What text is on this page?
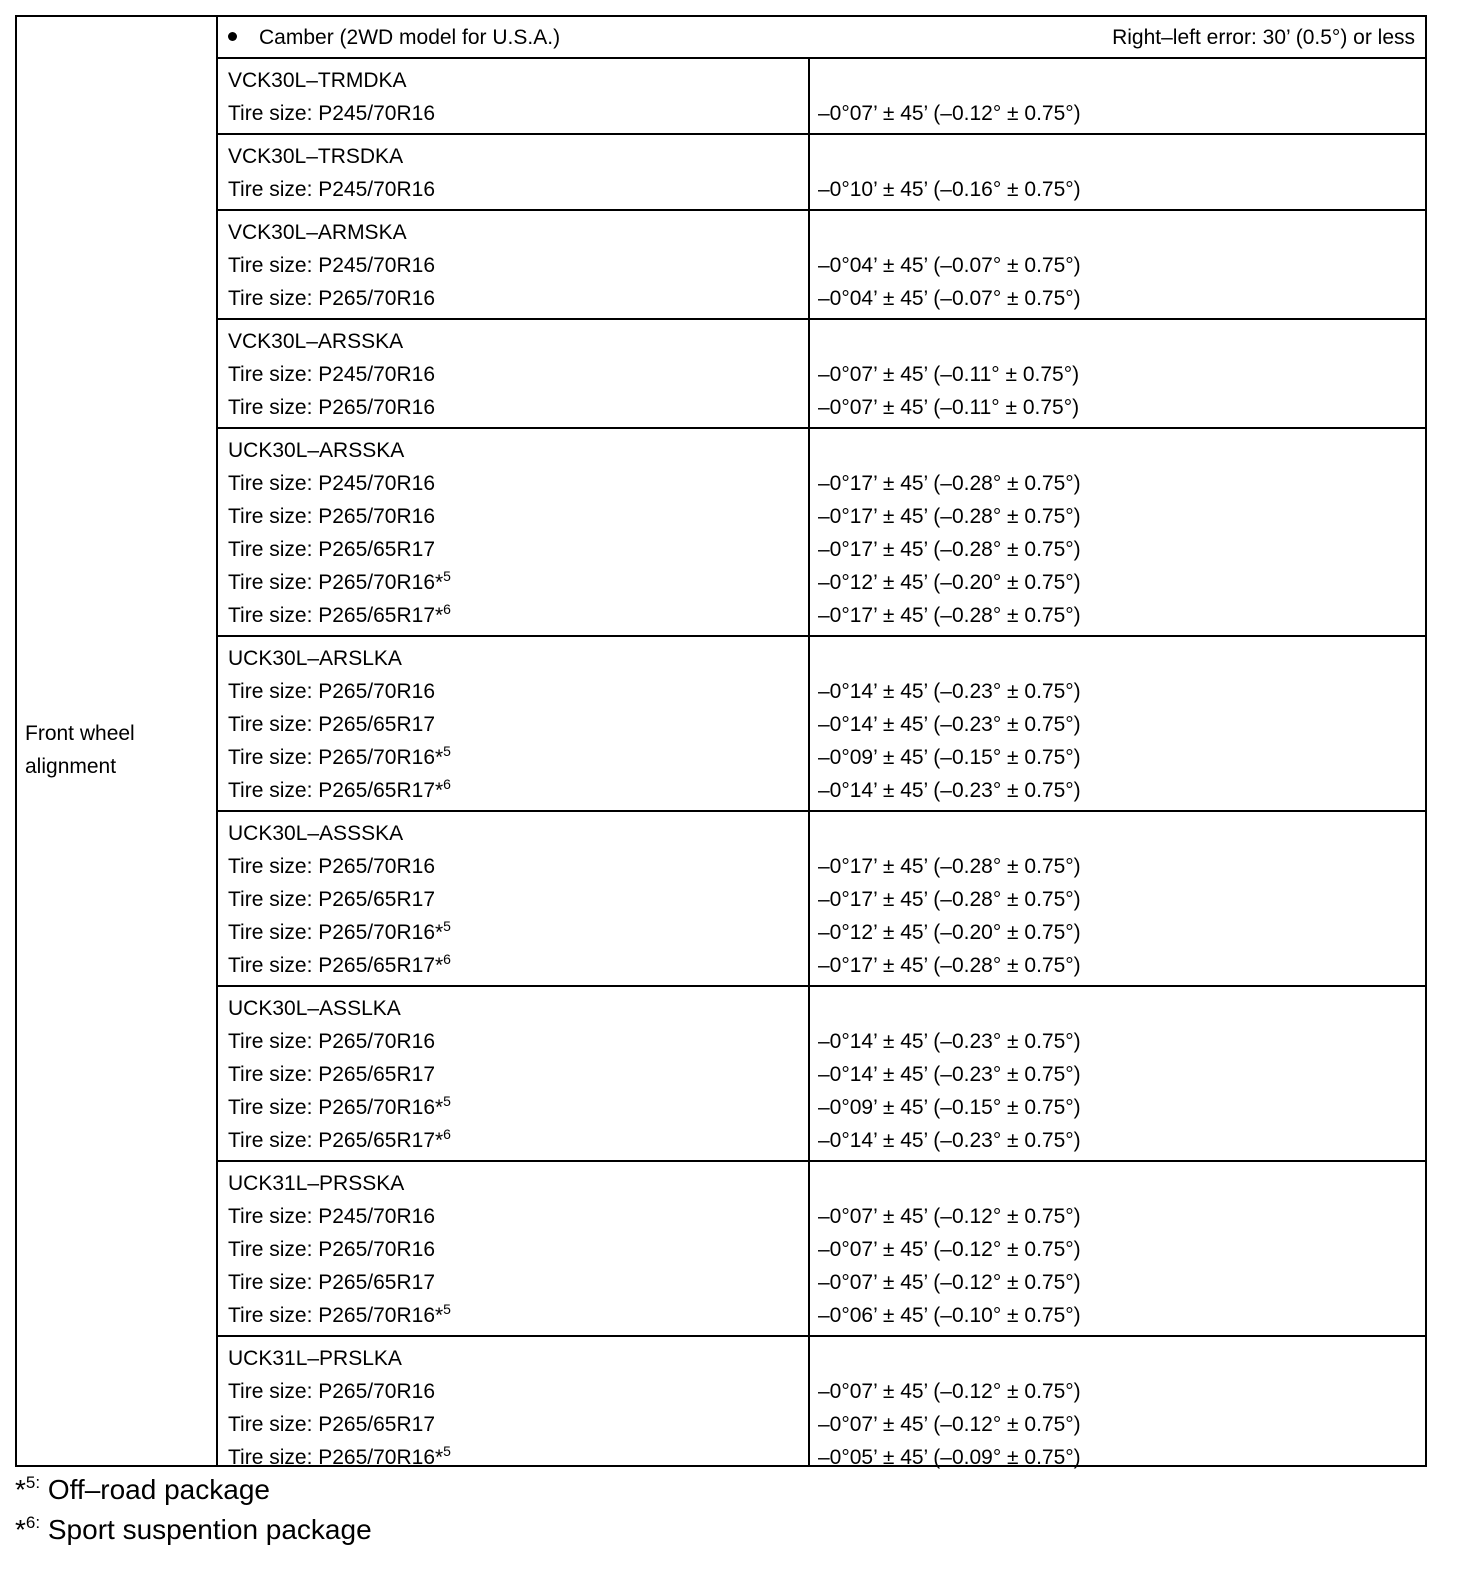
Front wheel
alignment
Camber (2WD model for U.S.A.)	Right–left error: 30’ (0.5°) or less
VCK30L–TRMDKA
Tire size: P245/70R16	–0°07’ ± 45’ (–0.12° ± 0.75°)
VCK30L–TRSDKA
Tire size: P245/70R16	–0°10’ ± 45’ (–0.16° ± 0.75°)
VCK30L–ARMSKA
Tire size: P245/70R16	–0°04’ ± 45’ (–0.07° ± 0.75°)
Tire size: P265/70R16	–0°04’ ± 45’ (–0.07° ± 0.75°)
VCK30L–ARSSKA
Tire size: P245/70R16	–0°07’ ± 45’ (–0.11° ± 0.75°)
Tire size: P265/70R16	–0°07’ ± 45’ (–0.11° ± 0.75°)
UCK30L–ARSSKA
Tire size: P245/70R16	–0°17’ ± 45’ (–0.28° ± 0.75°)
Tire size: P265/70R16	–0°17’ ± 45’ (–0.28° ± 0.75°)
Tire size: P265/65R17	–0°17’ ± 45’ (–0.28° ± 0.75°)
Tire size: P265/70R16*$^5$	–0°12’ ± 45’ (–0.20° ± 0.75°)
Tire size: P265/65R17*$^6$	–0°17’ ± 45’ (–0.28° ± 0.75°)
UCK30L–ARSLKA
Tire size: P265/70R16	–0°14’ ± 45’ (–0.23° ± 0.75°)
Tire size: P265/65R17	–0°14’ ± 45’ (–0.23° ± 0.75°)
Tire size: P265/70R16*$^5$	–0°09’ ± 45’ (–0.15° ± 0.75°)
Tire size: P265/65R17*$^6$	–0°14’ ± 45’ (–0.23° ± 0.75°)
UCK30L–ASSSKA
Tire size: P265/70R16	–0°17’ ± 45’ (–0.28° ± 0.75°)
Tire size: P265/65R17	–0°17’ ± 45’ (–0.28° ± 0.75°)
Tire size: P265/70R16*$^5$	–0°12’ ± 45’ (–0.20° ± 0.75°)
Tire size: P265/65R17*$^6$	–0°17’ ± 45’ (–0.28° ± 0.75°)
UCK30L–ASSLKA
Tire size: P265/70R16	–0°14’ ± 45’ (–0.23° ± 0.75°)
Tire size: P265/65R17	–0°14’ ± 45’ (–0.23° ± 0.75°)
Tire size: P265/70R16*$^5$	–0°09’ ± 45’ (–0.15° ± 0.75°)
Tire size: P265/65R17*$^6$	–0°14’ ± 45’ (–0.23° ± 0.75°)
UCK31L–PRSSKA
Tire size: P245/70R16	–0°07’ ± 45’ (–0.12° ± 0.75°)
Tire size: P265/70R16	–0°07’ ± 45’ (–0.12° ± 0.75°)
Tire size: P265/65R17	–0°07’ ± 45’ (–0.12° ± 0.75°)
Tire size: P265/70R16*$^5$	–0°06’ ± 45’ (–0.10° ± 0.75°)
UCK31L–PRSLKA
Tire size: P265/70R16	–0°07’ ± 45’ (–0.12° ± 0.75°)
Tire size: P265/65R17	–0°07’ ± 45’ (–0.12° ± 0.75°)
Tire size: P265/70R16*$^5$	–0°05’ ± 45’ (–0.09° ± 0.75°)
*$^{5:}$ Off–road package
*$^{6:}$ Sport suspention package
